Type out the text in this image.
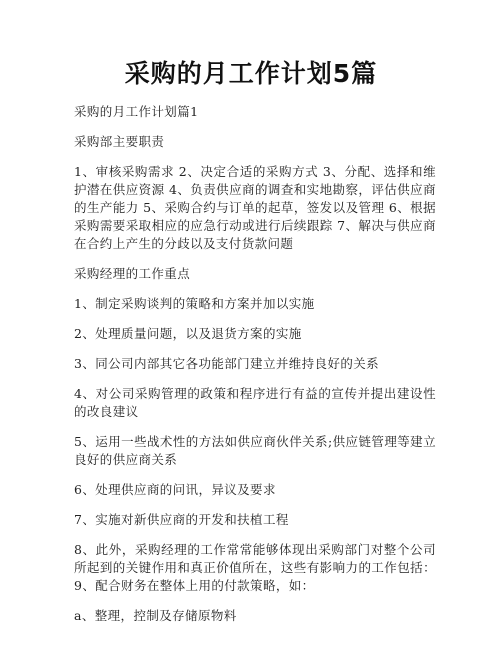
采购的月工作计划5篇

采购的月工作计划篇1

采购部主要职责

1、审核采购需求 2、决定合适的采购方式 3、分配、选择和维护潜在供应资源 4、负责供应商的调查和实地勘察，评估供应商的生产能力 5、采购合约与订单的起草，签发以及管理 6、根据采购需要采取相应的应急行动或进行后续跟踪 7、解决与供应商在合约上产生的分歧以及支付货款问题

采购经理的工作重点

1、制定采购谈判的策略和方案并加以实施

2、处理质量问题，以及退货方案的实施

3、同公司内部其它各功能部门建立并维持良好的关系

4、对公司采购管理的政策和程序进行有益的宣传并提出建设性的改良建议

5、运用一些战术性的方法如供应商伙伴关系;供应链管理等建立良好的供应商关系

6、处理供应商的问讯，异议及要求

7、实施对新供应商的开发和扶植工程

8、此外，采购经理的工作常常能够体现出采购部门对整个公司所起到的关键作用和真正价值所在，这些有影响力的工作包括： 9、配合财务在整体上用的付款策略，如：

a、整理，控制及存储原物料
